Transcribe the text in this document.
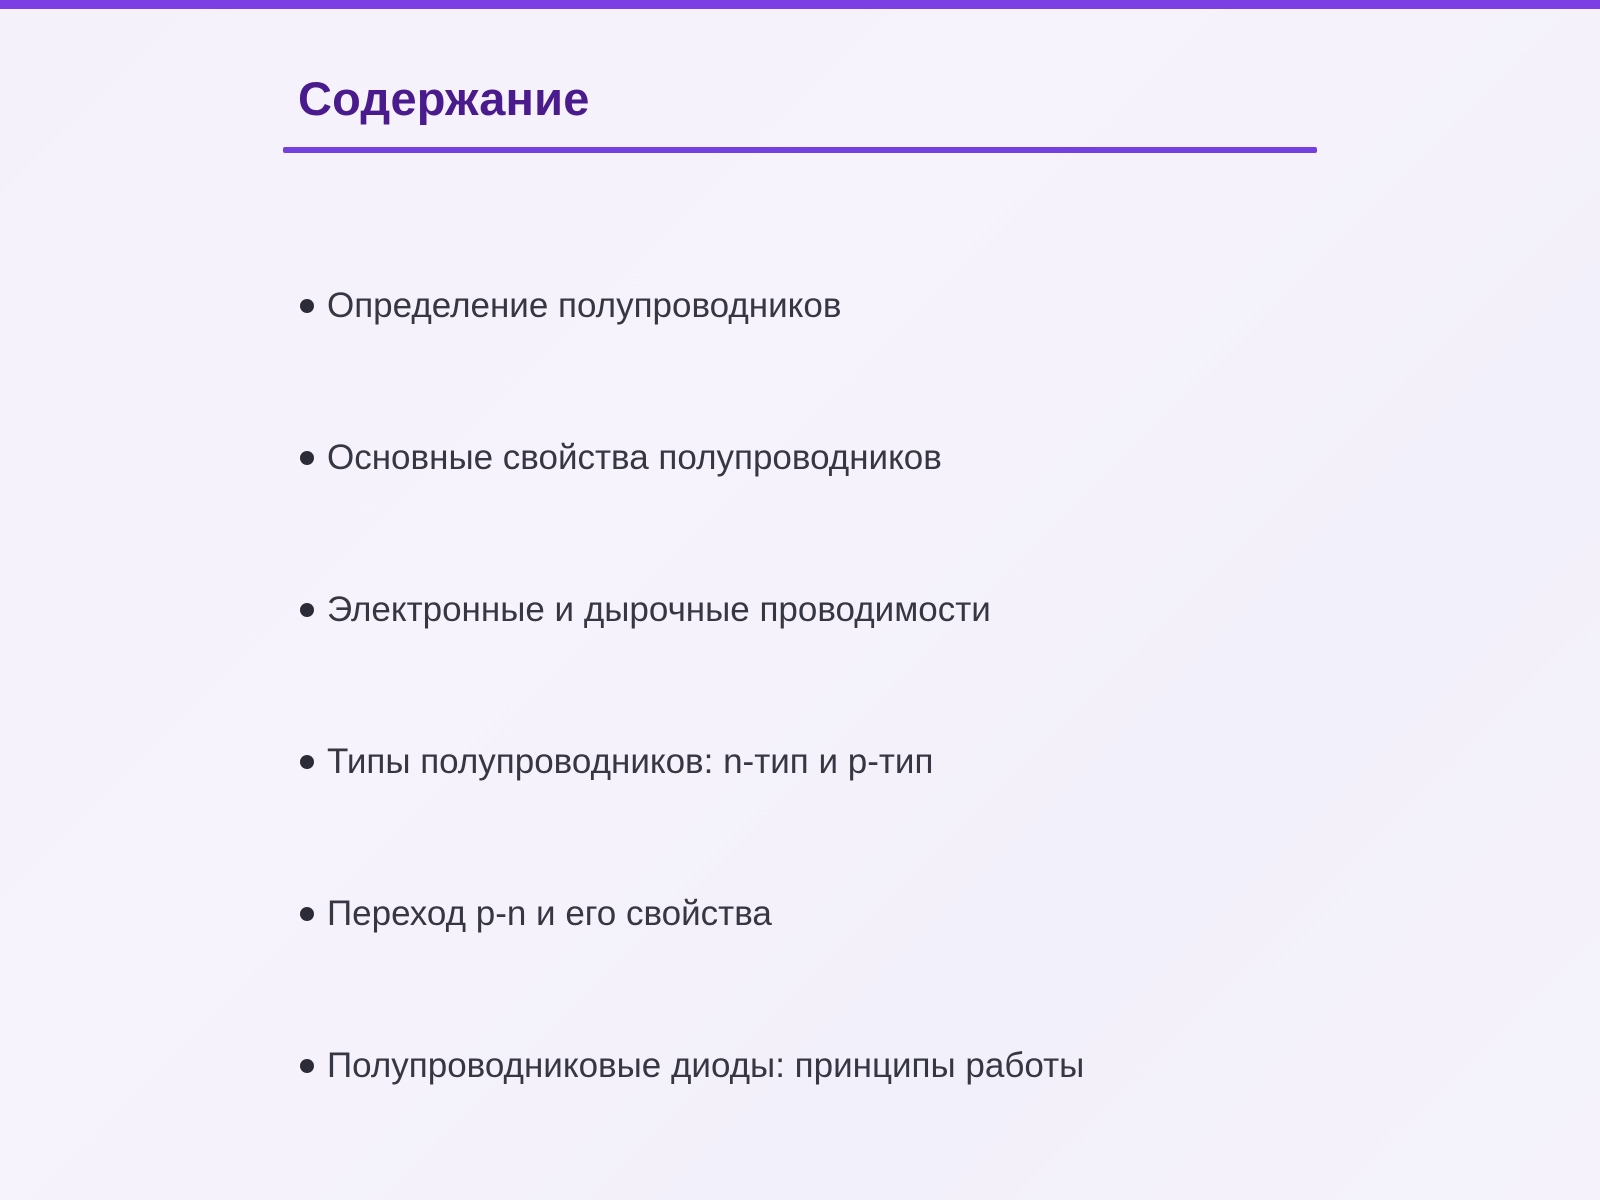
Содержание
Определение полупроводников
Основные свойства полупроводников
Электронные и дырочные проводимости
Типы полупроводников: n-тип и p-тип
Переход p-n и его свойства
Полупроводниковые диоды: принципы работы
